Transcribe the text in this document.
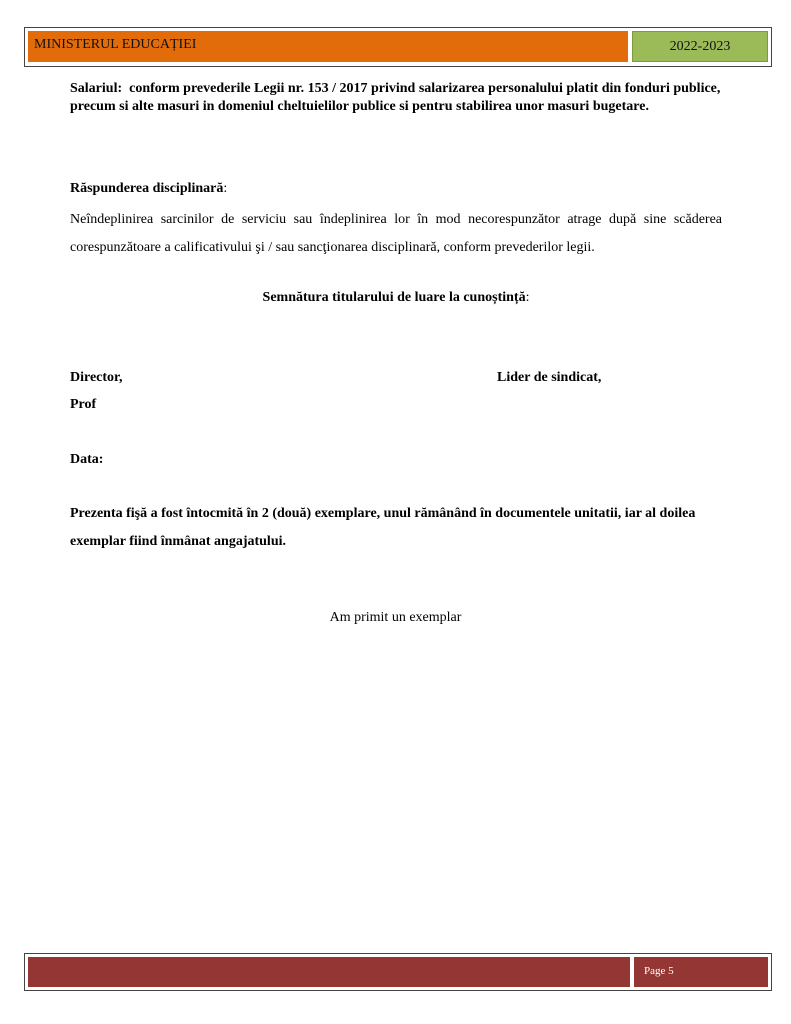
MINISTERUL EDUCAȚIEI	2022-2023
Salariul: conform prevederile Legii nr. 153 / 2017 privind salarizarea personalului platit din fonduri publice, precum si alte masuri in domeniul cheltuielilor publice si pentru stabilirea unor masuri bugetare.
Răspunderea disciplinară:
Neîndeplinirea sarcinilor de serviciu sau îndeplinirea lor în mod necorespunzător atrage după sine scăderea corespunzătoare a calificativului şi / sau sancţionarea disciplinară, conform prevederilor legii.
Semnătura titularului de luare la cunoștință:
Director,	Lider de sindicat,
Prof
Data:
Prezenta fişă a fost întocmită în 2 (două) exemplare, unul rămânând în documentele unitatii, iar al doilea exemplar fiind înmânat angajatului.
Am primit un exemplar
Page 5
